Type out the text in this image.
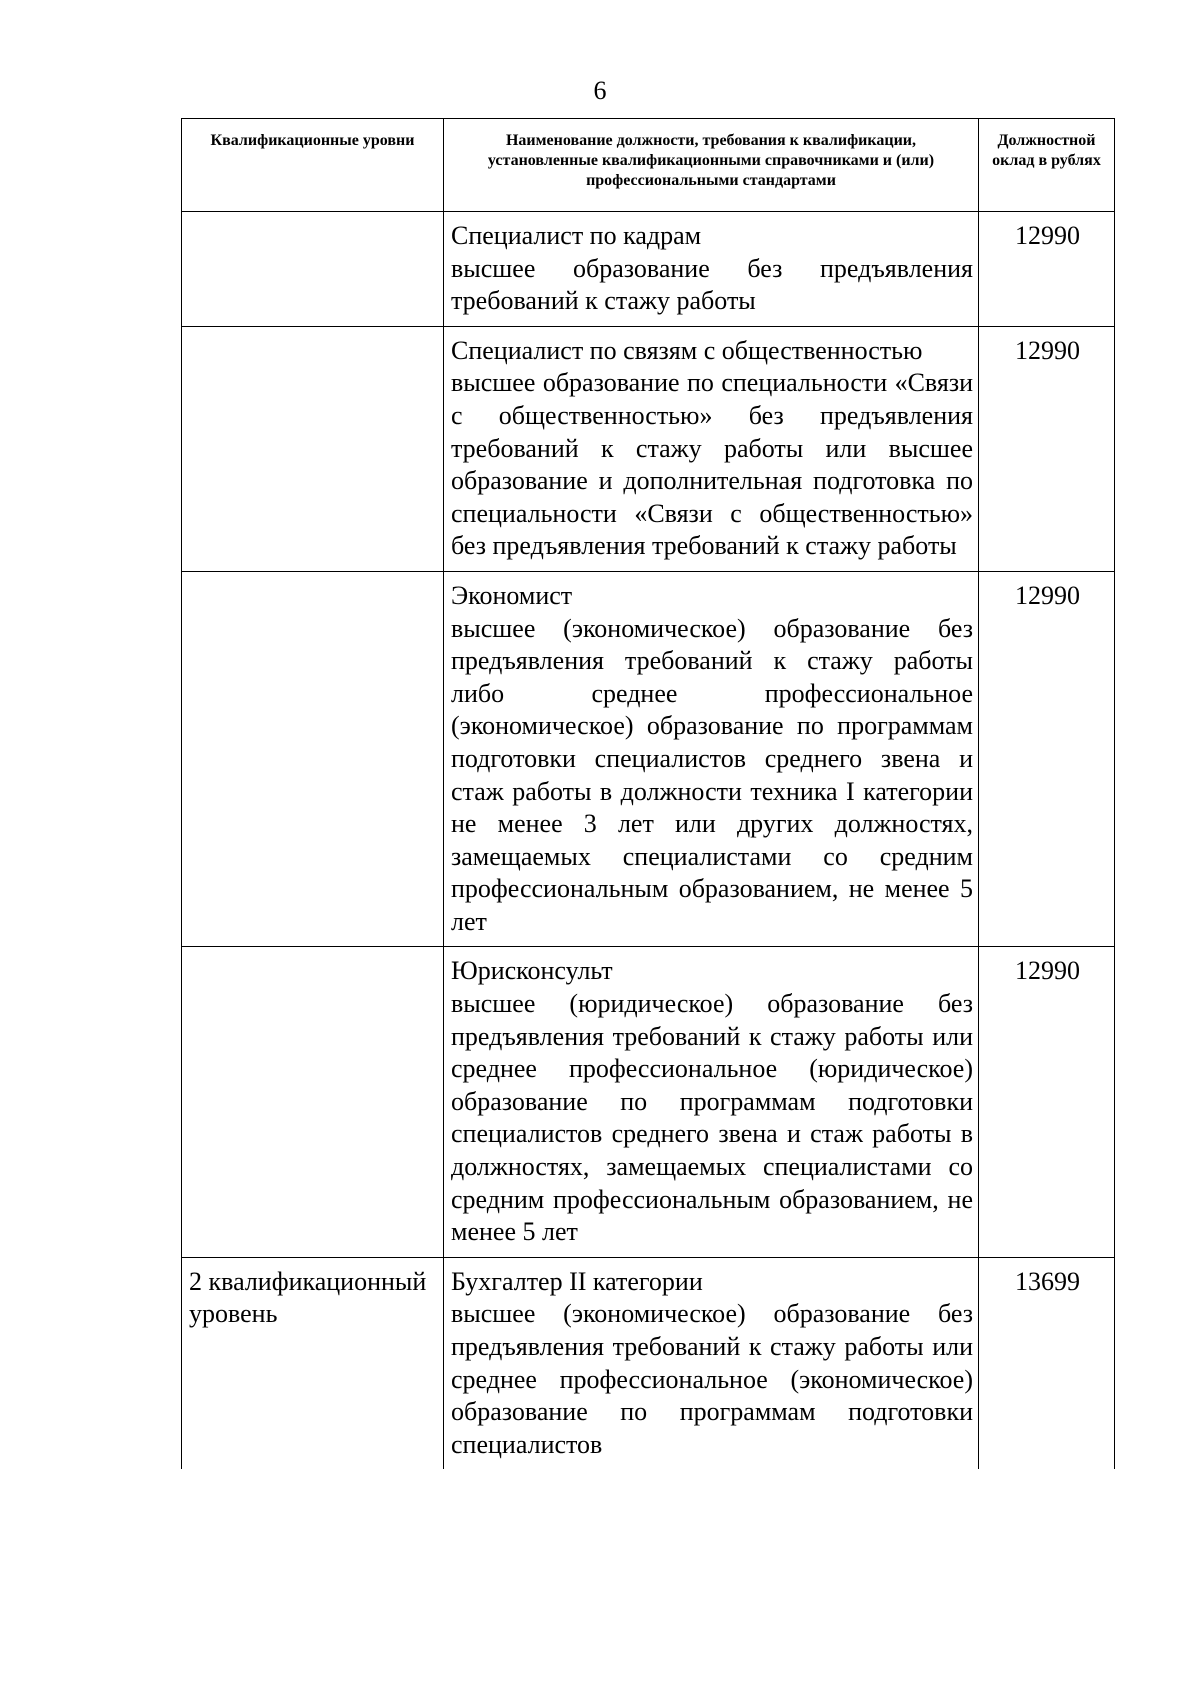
6
Квалификационные уровни	Наименование должности, требования к квалификации, установленные квалификационными справочниками и (или) профессиональными стандартами	Должностной оклад в рублях

	Специалист по кадрам
высшее образование без предъявления требований к стажу работы	12990

	Специалист по связям с общественностью
высшее образование по специальности «Связи с общественностью» без предъявления требований к стажу работы или высшее образование и дополнительная подготовка по специальности «Связи с общественностью» без предъявления требований к стажу работы	12990

	Экономист
высшее (экономическое) образование без предъявления требований к стажу работы либо среднее профессиональное (экономическое) образование по программам подготовки специалистов среднего звена и стаж работы в должности техника I категории не менее 3 лет или других должностях, замещаемых специалистами со средним профессиональным образованием, не менее 5 лет	12990

	Юрисконсульт
высшее (юридическое) образование без предъявления требований к стажу работы или среднее профессиональное (юридическое) образование по программам подготовки специалистов среднего звена и стаж работы в должностях, замещаемых специалистами со средним профессиональным образованием, не менее 5 лет	12990
2 квалификационный уровень	Бухгалтер II категории
высшее (экономическое) образование без предъявления требований к стажу работы или среднее профессиональное (экономическое) образование по программам подготовки специалистов	13699
